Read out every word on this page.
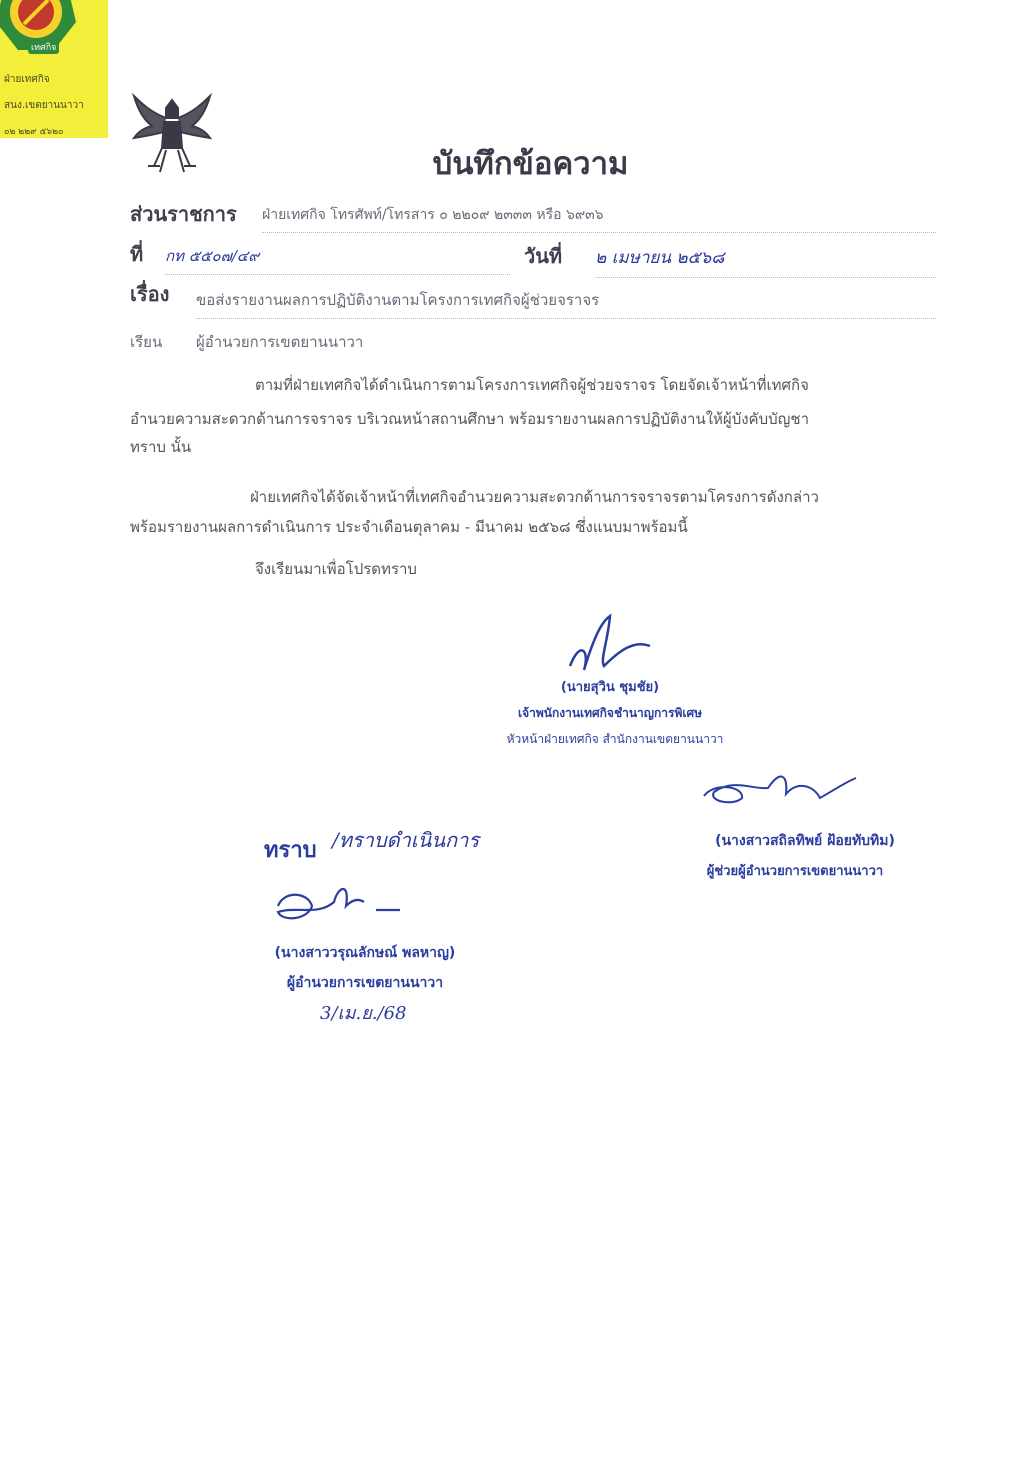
เทศกิจ
ฝ่ายเทศกิจ
สนง.เขตยานนาวา
๐๒ ๒๒๙ ๕๖๒๐
บันทึกข้อความ
ส่วนราชการ ฝ่ายเทศกิจ โทรศัพท์/โทรสาร ๐ ๒๒๐๙ ๒๓๓๓ หรือ ๖๙๓๖
ที่ กท ๕๕๐๗/๔๙	วันที่ ๒ เมษายน ๒๕๖๘
เรื่อง ขอส่งรายงานผลการปฏิบัติงานตามโครงการเทศกิจผู้ช่วยจราจร
เรียน ผู้อำนวยการเขตยานนาวา
ตามที่ฝ่ายเทศกิจได้ดำเนินการตามโครงการเทศกิจผู้ช่วยจราจร โดยจัดเจ้าหน้าที่เทศกิจ
อำนวยความสะดวกด้านการจราจร บริเวณหน้าสถานศึกษา พร้อมรายงานผลการปฏิบัติงานให้ผู้บังคับบัญชา
ทราบ นั้น
ฝ่ายเทศกิจได้จัดเจ้าหน้าที่เทศกิจอำนวยความสะดวกด้านการจราจรตามโครงการดังกล่าว
พร้อมรายงานผลการดำเนินการ ประจำเดือนตุลาคม - มีนาคม ๒๕๖๘ ซึ่งแนบมาพร้อมนี้
จึงเรียนมาเพื่อโปรดทราบ
(นายสุวิน ชุมชัย)
เจ้าพนักงานเทศกิจชำนาญการพิเศษ
หัวหน้าฝ่ายเทศกิจ สำนักงานเขตยานนาวา
(นางสาวสถิลทิพย์ ฝ้อยทับทิม)
ผู้ช่วยผู้อำนวยการเขตยานนาวา
ทราบ /ทราบดำเนินการ
(นางสาววรุณลักษณ์ พลหาญ)
ผู้อำนวยการเขตยานนาวา
3/เม.ย./68
